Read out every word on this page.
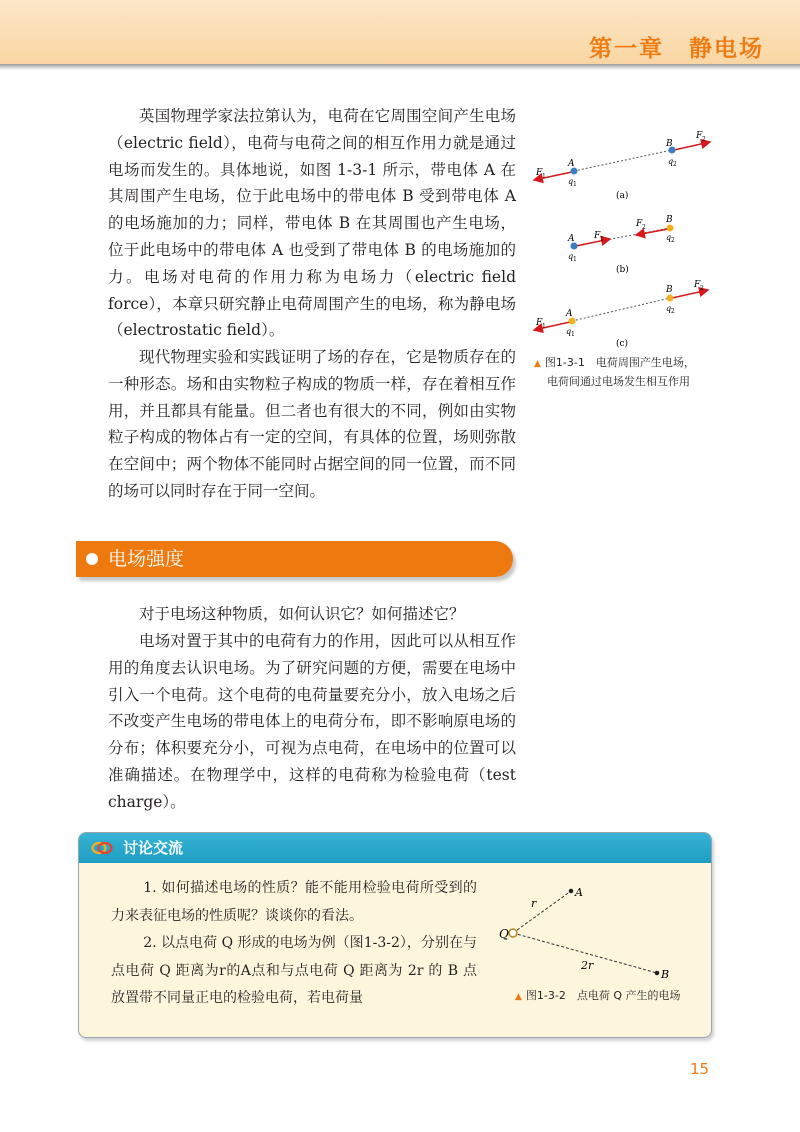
第一章　静电场

英国物理学家法拉第认为，电荷在它周围空间产生电场（electric field），电荷与电荷之间的相互作用力就是通过电场而发生的。具体地说，如图 1-3-1 所示，带电体 A 在其周围产生电场，位于此电场中的带电体 B 受到带电体 A 的电场施加的力；同样，带电体 B 在其周围也产生电场，位于此电场中的带电体 A 也受到了带电体 B 的电场施加的力。电场对电荷的作用力称为电场力（electric field force），本章只研究静止电荷周围产生的电场，称为静电场（electrostatic field）。

现代物理实验和实践证明了场的存在，它是物质存在的一种形态。场和由实物粒子构成的物质一样，存在着相互作用，并且都具有能量。但二者也有很大的不同，例如由实物粒子构成的物体占有一定的空间，有具体的位置，场则弥散在空间中；两个物体不能同时占据空间的同一位置，而不同的场可以同时存在于同一空间。

A
B
F 1
F 2
q 1
q 2
(a)
A
B
F 1
F 2
q 1
q 2
(b)
A
B
F 1
F 2
q 1
q 2
(c)
▲ 图1-3-1　电荷周围产生电场，
电荷间通过电场发生相互作用
电场强度

对于电场这种物质，如何认识它？如何描述它？

电场对置于其中的电荷有力的作用，因此可以从相互作用的角度去认识电场。为了研究问题的方便，需要在电场中引入一个电荷。这个电荷的电荷量要充分小，放入电场之后不改变产生电场的带电体上的电荷分布，即不影响原电场的分布；体积要充分小，可视为点电荷，在电场中的位置可以准确描述。在物理学中，这样的电荷称为检验电荷（test charge）。

讨论交流

1. 如何描述电场的性质？能不能用检验电荷所受到的力来表征电场的性质呢？谈谈你的看法。

2. 以点电荷 Q 形成的电场为例（图1-3-2），分别在与点电荷 Q 距离为r的A点和与点电荷 Q 距离为 2r 的 B 点放置带不同量正电的检验电荷，若电荷量

Q
A
B
r
2r
▲ 图1-3-2　点电荷 Q 产生的电场
15
